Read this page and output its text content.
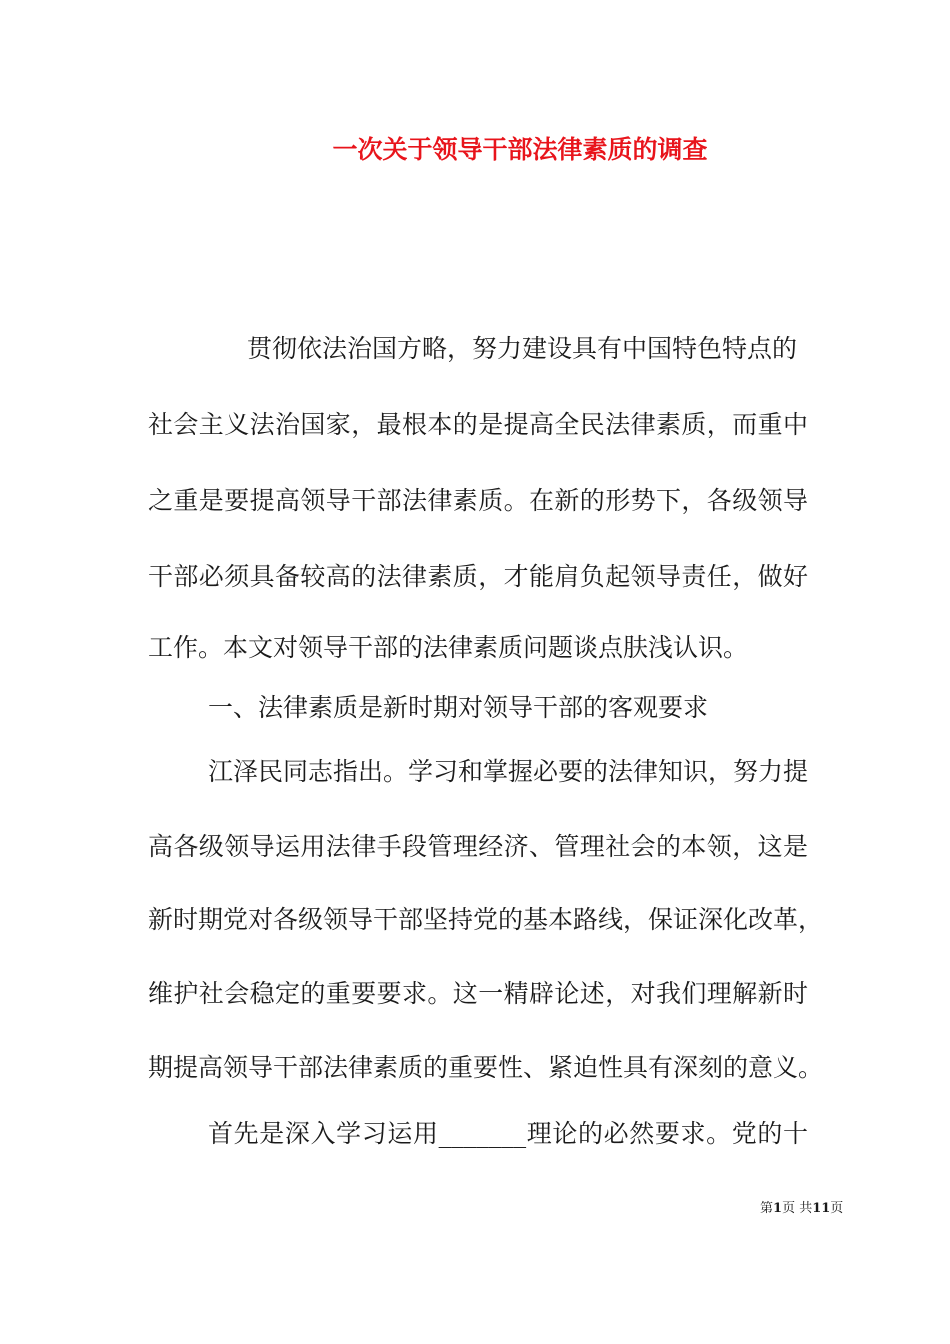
一次关于领导干部法律素质的调查

贯彻依法治国方略，努力建设具有中国特色特点的

社会主义法治国家，最根本的是提高全民法律素质，而重中

之重是要提高领导干部法律素质。在新的形势下，各级领导

干部必须具备较高的法律素质，才能肩负起领导责任，做好

工作。本文对领导干部的法律素质问题谈点肤浅认识。

一、法律素质是新时期对领导干部的客观要求

江泽民同志指出。学习和掌握必要的法律知识，努力提

高各级领导运用法律手段管理经济、管理社会的本领，这是

新时期党对各级领导干部坚持党的基本路线，保证深化改革，

维护社会稳定的重要要求。这一精辟论述，对我们理解新时

期提高领导干部法律素质的重要性、紧迫性具有深刻的意义。

首先是深入学习运用_______理论的必然要求。党的十

第1页 共11页
